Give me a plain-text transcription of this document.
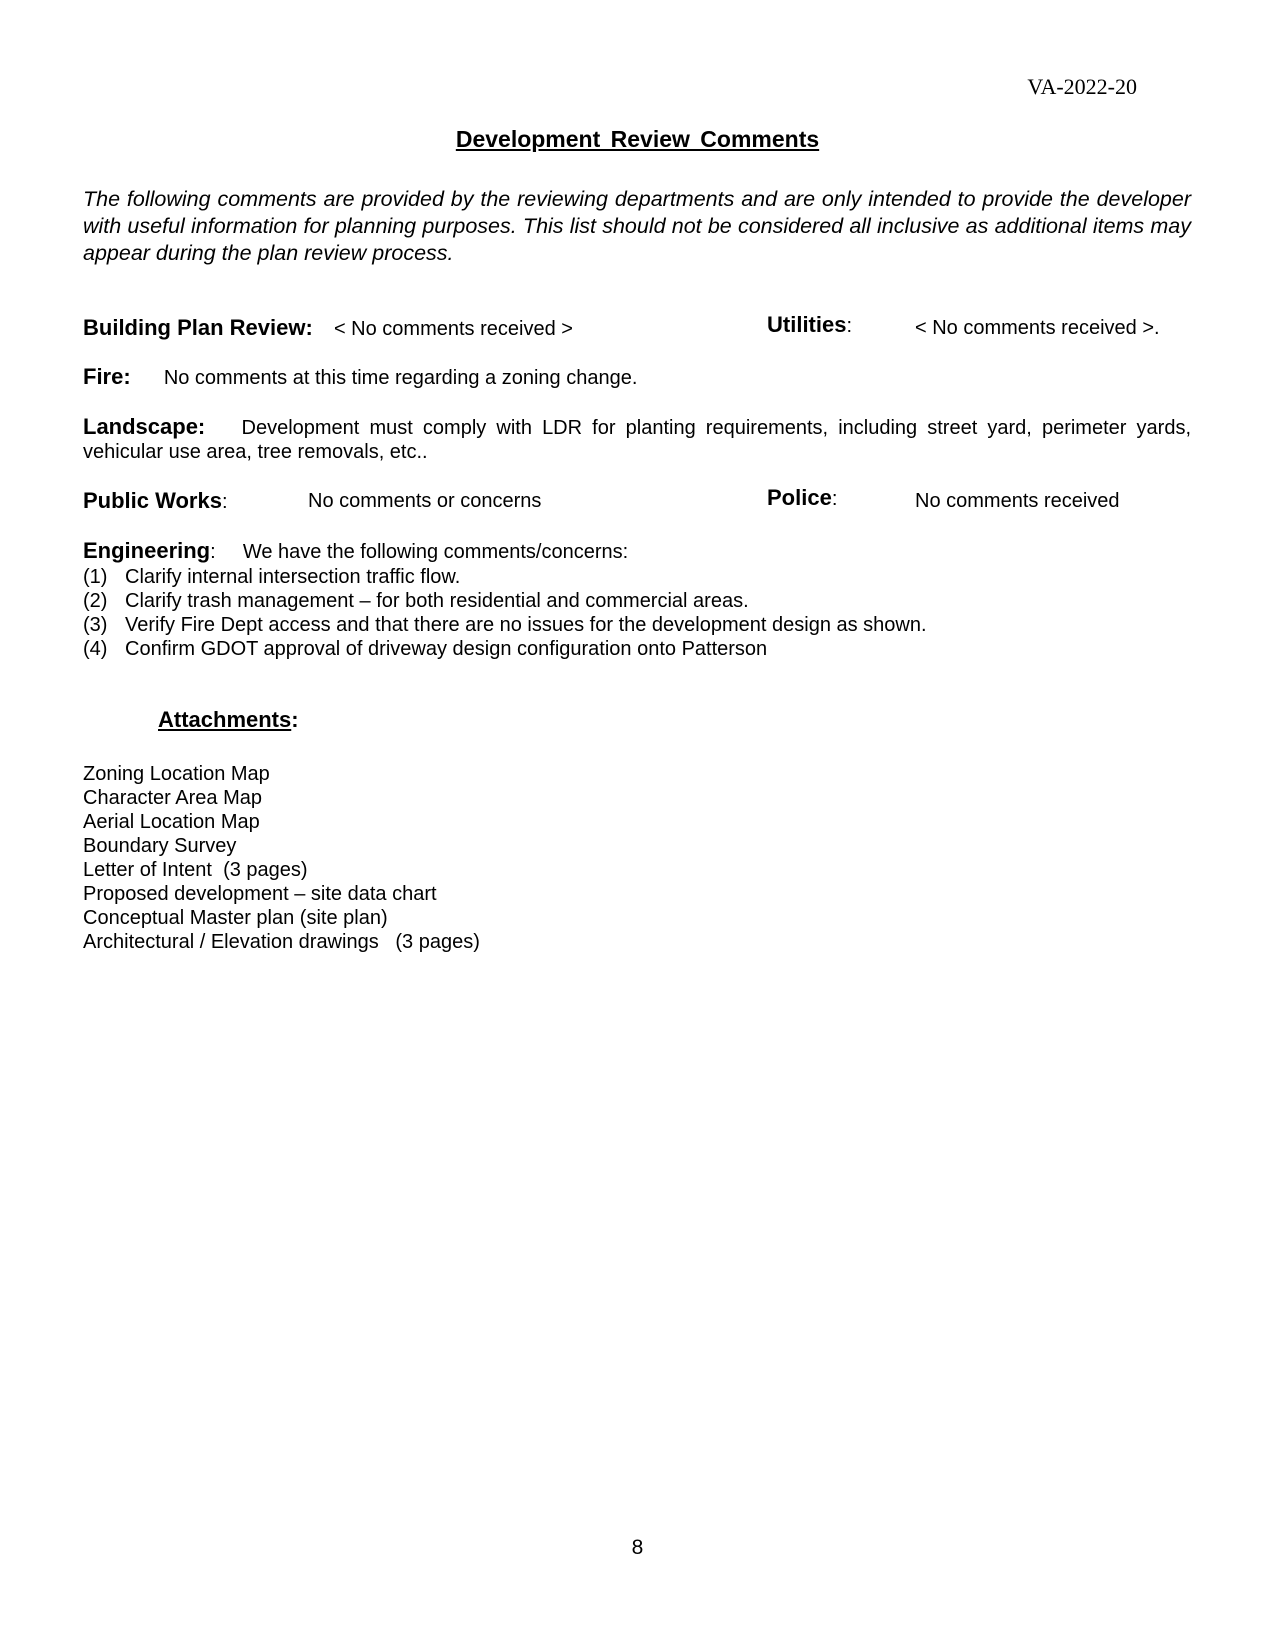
VA-2022-20
Development Review Comments
The following comments are provided by the reviewing departments and are only intended to provide the developer with useful information for planning purposes. This list should not be considered all inclusive as additional items may appear during the plan review process.
Building Plan Review: < No comments received >	Utilities:	< No comments received >.
Fire: No comments at this time regarding a zoning change.
Landscape: Development must comply with LDR for planting requirements, including street yard, perimeter yards, vehicular use area, tree removals, etc..
Public Works:	No comments or concerns	Police:	No comments received
Engineering: We have the following comments/concerns:
(1) Clarify internal intersection traffic flow.
(2) Clarify trash management – for both residential and commercial areas.
(3) Verify Fire Dept access and that there are no issues for the development design as shown.
(4) Confirm GDOT approval of driveway design configuration onto Patterson
Attachments:
Zoning Location Map
Character Area Map
Aerial Location Map
Boundary Survey
Letter of Intent  (3 pages)
Proposed development – site data chart
Conceptual Master plan (site plan)
Architectural / Elevation drawings   (3 pages)
8
